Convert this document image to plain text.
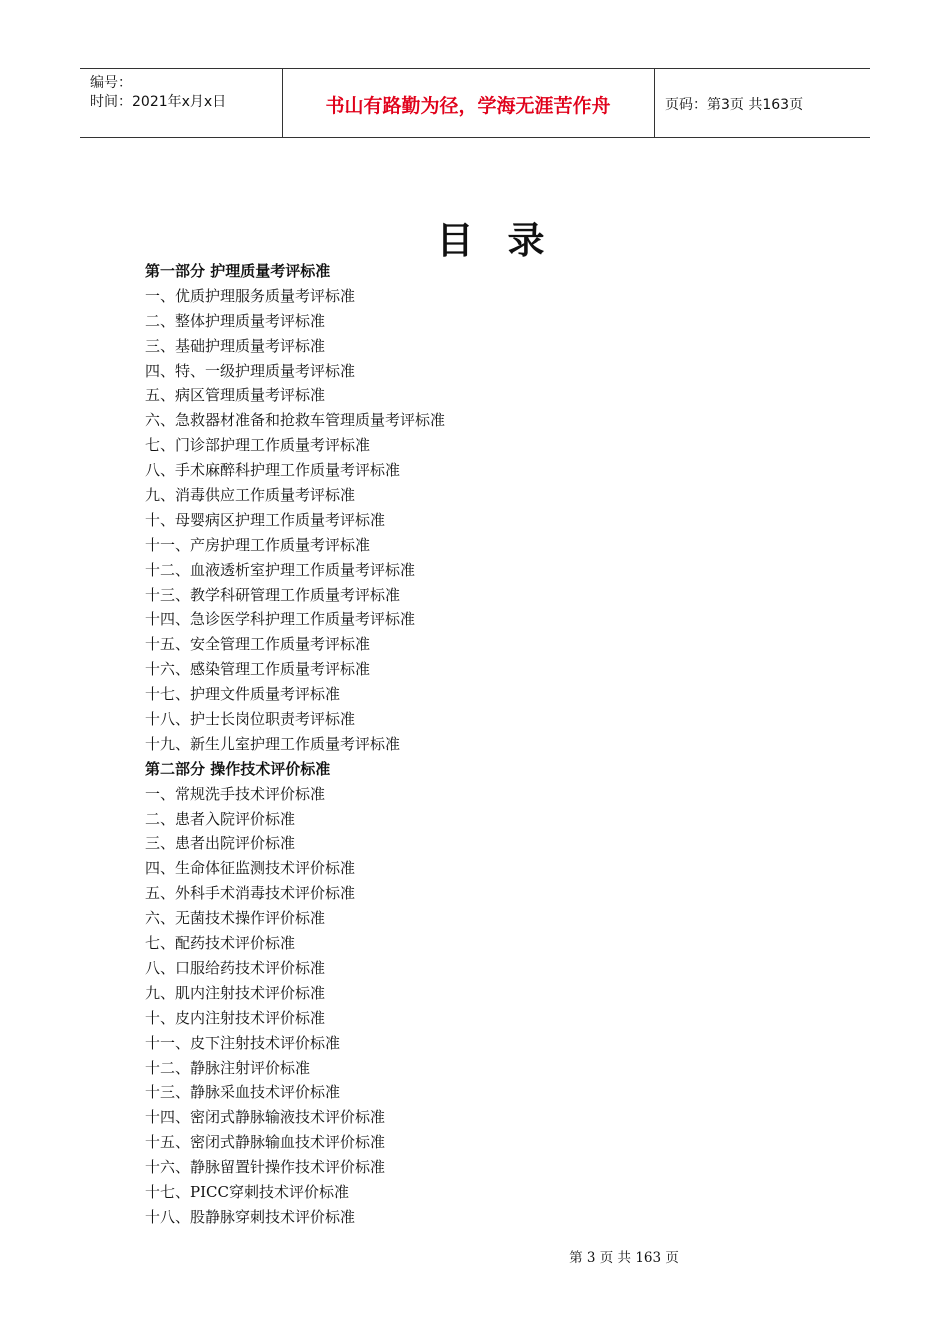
编号：
时间：2021年x月x日	书山有路勤为径，学海无涯苦作舟	页码：第3页 共163页
目录
第一部分 护理质量考评标准
一、优质护理服务质量考评标准
二、整体护理质量考评标准
三、基础护理质量考评标准
四、特、一级护理质量考评标准
五、病区管理质量考评标准
六、急救器材准备和抢救车管理质量考评标准
七、门诊部护理工作质量考评标准
八、手术麻醉科护理工作质量考评标准
九、消毒供应工作质量考评标准
十、母婴病区护理工作质量考评标准
十一、产房护理工作质量考评标准
十二、血液透析室护理工作质量考评标准
十三、教学科研管理工作质量考评标准
十四、急诊医学科护理工作质量考评标准
十五、安全管理工作质量考评标准
十六、感染管理工作质量考评标准
十七、护理文件质量考评标准
十八、护士长岗位职责考评标准
十九、新生儿室护理工作质量考评标准
第二部分 操作技术评价标准
一、常规洗手技术评价标准
二、患者入院评价标准
三、患者出院评价标准
四、生命体征监测技术评价标准
五、外科手术消毒技术评价标准
六、无菌技术操作评价标准
七、配药技术评价标准
八、口服给药技术评价标准
九、肌内注射技术评价标准
十、皮内注射技术评价标准
十一、皮下注射技术评价标准
十二、静脉注射评价标准
十三、静脉采血技术评价标准
十四、密闭式静脉输液技术评价标准
十五、密闭式静脉输血技术评价标准
十六、静脉留置针操作技术评价标准
十七、PICC穿刺技术评价标准
十八、股静脉穿刺技术评价标准
第 3 页 共 163 页
